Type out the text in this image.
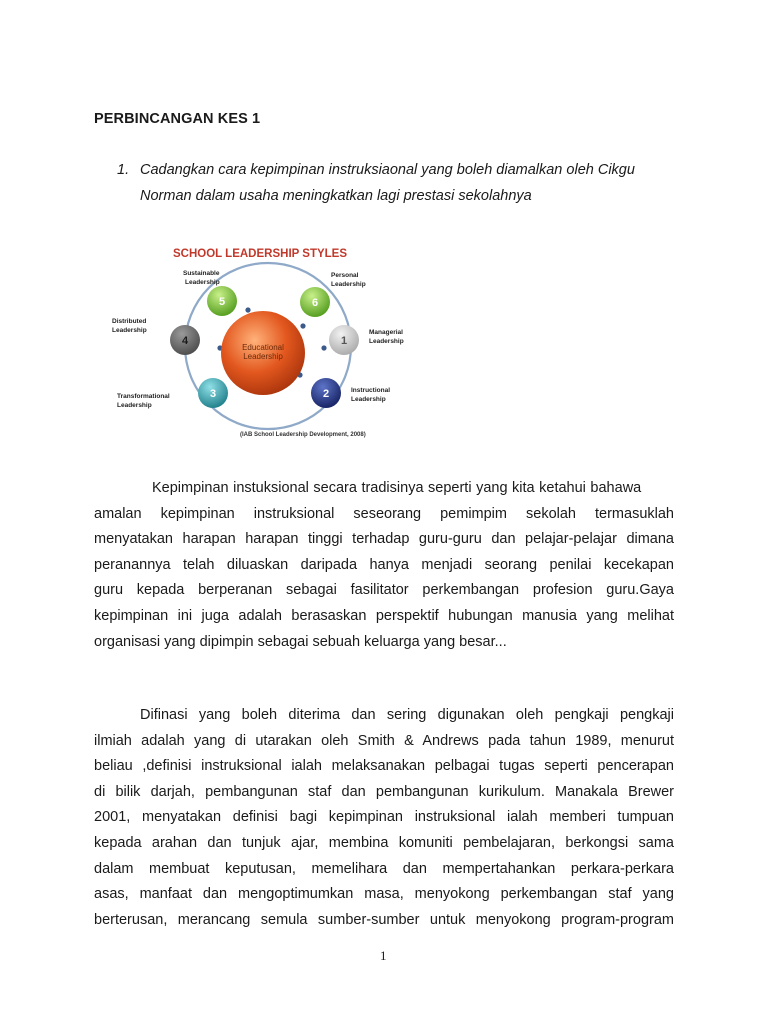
PERBINCANGAN KES 1
1. Cadangkan cara kepimpinan instruksiaonal yang boleh diamalkan oleh Cikgu
Norman dalam usaha meningkatkan lagi prestasi sekolahnya
SCHOOL LEADERSHIP STYLES
Educational
Leadership
5
Sustainable
Leadership
6
Personal
Leadership
4
Distributed
Leadership
1
Managerial
Leadership
3
Transformational
Leadership
2	Instructional
Leadership
(IAB School Leadership Development, 2008)
Kepimpinan instuksional secara tradisinya seperti yang kita ketahui bahawa
amalan kepimpinan instruksional seseorang pemimpim sekolah termasuklah
menyatakan harapan harapan tinggi terhadap guru-guru dan pelajar-pelajar dimana
peranannya telah diluaskan daripada hanya menjadi seorang penilai kecekapan
guru kepada berperanan sebagai fasilitator perkembangan profesion guru.Gaya
kepimpinan ini juga adalah berasaskan perspektif hubungan manusia yang melihat
organisasi yang dipimpin sebagai sebuah keluarga yang besar...
Difinasi yang boleh diterima dan sering digunakan oleh pengkaji pengkaji
ilmiah adalah yang di utarakan oleh Smith & Andrews pada tahun 1989, menurut
beliau ,definisi instruksional ialah melaksanakan pelbagai tugas seperti pencerapan
di bilik darjah, pembangunan staf dan pembangunan kurikulum. Manakala Brewer
2001, menyatakan definisi bagi kepimpinan instruksional ialah memberi tumpuan
kepada arahan dan tunjuk ajar, membina komuniti pembelajaran, berkongsi sama
dalam membuat keputusan, memelihara dan mempertahankan perkara-perkara
asas, manfaat dan mengoptimumkan masa, menyokong perkembangan staf yang
berterusan, merancang semula sumber-sumber untuk menyokong program-program
1
